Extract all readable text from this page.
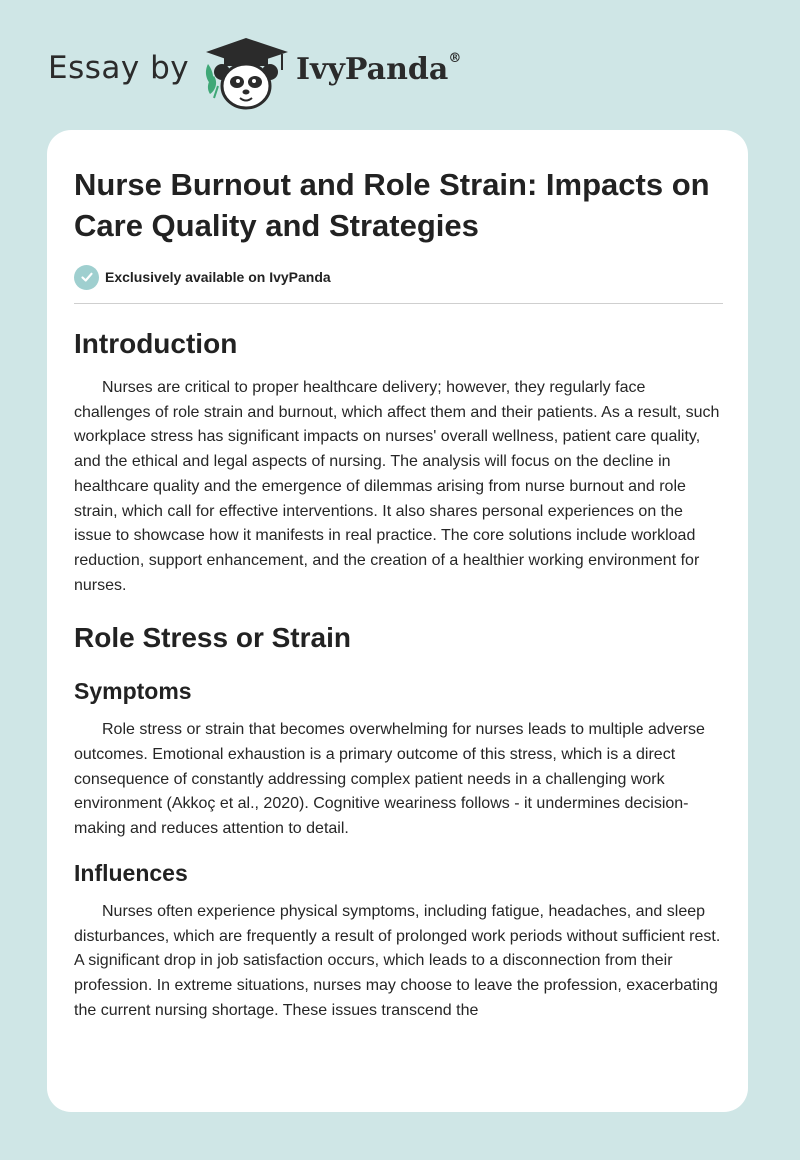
Essay by	IvyPanda®
Nurse Burnout and Role Strain: Impacts on Care Quality and Strategies
Exclusively available on IvyPanda
Introduction

Nurses are critical to proper healthcare delivery; however, they regularly face challenges of role strain and burnout, which affect them and their patients. As a result, such workplace stress has significant impacts on nurses' overall wellness, patient care quality, and the ethical and legal aspects of nursing. The analysis will focus on the decline in healthcare quality and the emergence of dilemmas arising from nurse burnout and role strain, which call for effective interventions. It also shares personal experiences on the issue to showcase how it manifests in real practice. The core solutions include workload reduction, support enhancement, and the creation of a healthier working environment for nurses.

Role Stress or Strain
Symptoms

Role stress or strain that becomes overwhelming for nurses leads to multiple adverse outcomes. Emotional exhaustion is a primary outcome of this stress, which is a direct consequence of constantly addressing complex patient needs in a challenging work environment (Akkoç et al., 2020). Cognitive weariness follows - it undermines decision-making and reduces attention to detail.

Influences

Nurses often experience physical symptoms, including fatigue, headaches, and sleep disturbances, which are frequently a result of prolonged work periods without sufficient rest. A significant drop in job satisfaction occurs, which leads to a disconnection from their profession. In extreme situations, nurses may choose to leave the profession, exacerbating the current nursing shortage. These issues transcend the
